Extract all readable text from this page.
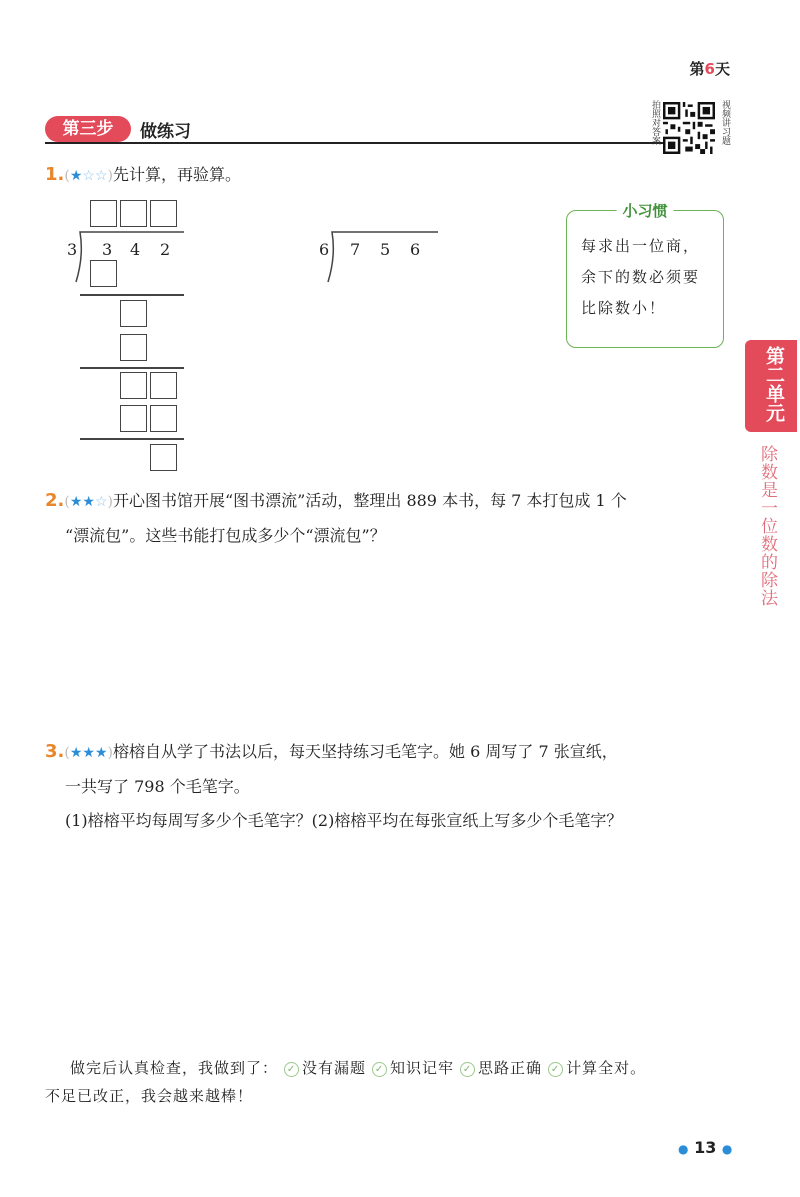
第6天
第三步	做练习	拍照对答案	视频讲习题
1.(★☆☆)先计算，再验算。
3 3 4 2	6 7 5 6
小习惯
每求出一位商，
余下的数必须要
比除数小！
第二单元
除数是一位数的除法
2.(★★☆)开心图书馆开展“图书漂流”活动，整理出 889 本书，每 7 本打包成 1 个
“漂流包”。这些书能打包成多少个“漂流包”？
3.(★★★)榕榕自从学了书法以后，每天坚持练习毛笔字。她 6 周写了 7 张宣纸，
一共写了 798 个毛笔字。
(1)榕榕平均每周写多少个毛笔字？(2)榕榕平均在每张宣纸上写多少个毛笔字？
做完后认真检查，我做到了： ✓ 没有漏题 ✓ 知识记牢 ✓ 思路正确 ✓ 计算全对。
不足已改正，我会越来越棒！
● 13 ●
